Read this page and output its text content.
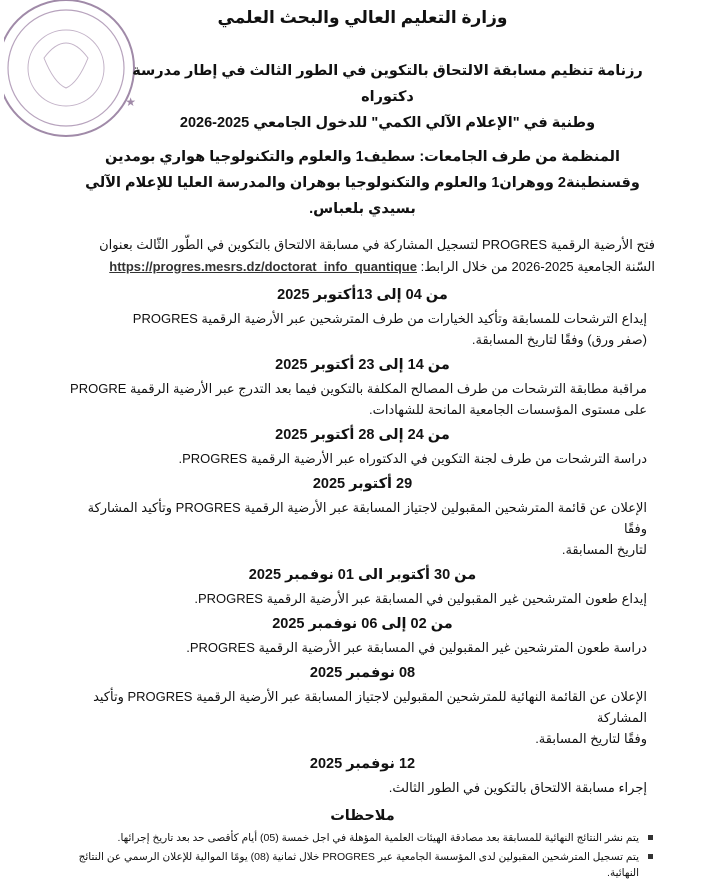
★
وزارة التعليم العالي والبحث العلمي
رزنامة تنظيم مسابقة الالتحاق بالتكوين في الطور الثالث في إطار مدرسة دكتوراه
وطنية في "الإعلام الآلي الكمي" للدخول الجامعي 2025-2026
المنظمة من طرف الجامعات: سطيف1 والعلوم والتكنولوجيا هواري بومدين
وقسنطينة2 ووهران1 والعلوم والتكنولوجيا بوهران والمدرسة العليا للإعلام الآلي
بسيدي بلعباس.
فتح الأرضية الرقمية PROGRES لتسجيل المشاركة في مسابقة الالتحاق بالتكوين في الطّور الثّالث بعنوان
السّنة الجامعية 2025-2026 من خلال الرابط: https://progres.mesrs.dz/doctorat_info_quantique
من 04 إلى 13أكتوبر 2025
إيداع الترشحات للمسابقة وتأكيد الخيارات من طرف المترشحين عبر الأرضية الرقمية PROGRES
(صفر ورق) وفقًا لتاريخ المسابقة.
من 14 إلى 23 أكتوبر 2025
مراقبة مطابقة الترشحات من طرف المصالح المكلفة بالتكوين فيما بعد التدرج عبر الأرضية الرقمية PROGRE
على مستوى المؤسسات الجامعية المانحة للشهادات.
من 24 إلى 28 أكتوبر 2025
دراسة الترشحات من طرف لجنة التكوين في الدكتوراه عبر الأرضية الرقمية PROGRES.
29 أكتوبر 2025
الإعلان عن قائمة المترشحين المقبولين لاجتياز المسابقة عبر الأرضية الرقمية PROGRES وتأكيد المشاركة وفقًا
لتاريخ المسابقة.
من 30 أكتوبر الى 01 نوفمبر 2025
إيداع طعون المترشحين غير المقبولين في المسابقة عبر الأرضية الرقمية PROGRES.
من 02 إلى 06 نوفمبر 2025
دراسة طعون المترشحين غير المقبولين في المسابقة عبر الأرضية الرقمية PROGRES.
08 نوفمبر 2025
الإعلان عن القائمة النهائية للمترشحين المقبولين لاجتياز المسابقة عبر الأرضية الرقمية PROGRES وتأكيد المشاركة
وفقًا لتاريخ المسابقة.
12 نوفمبر 2025
إجراء مسابقة الالتحاق بالتكوين في الطور الثالث.
ملاحظات
يتم نشر النتائج النهائية للمسابقة بعد مصادقة الهيئات العلمية المؤهلة في اجل خمسة (05) أيام كأقصى حد بعد تاريخ إجرائها.
يتم تسجيل المترشحين المقبولين لدى المؤسسة الجامعية عبر PROGRES خلال ثمانية (08) يومًا الموالية للإعلان الرسمي عن النتائج النهائية.
